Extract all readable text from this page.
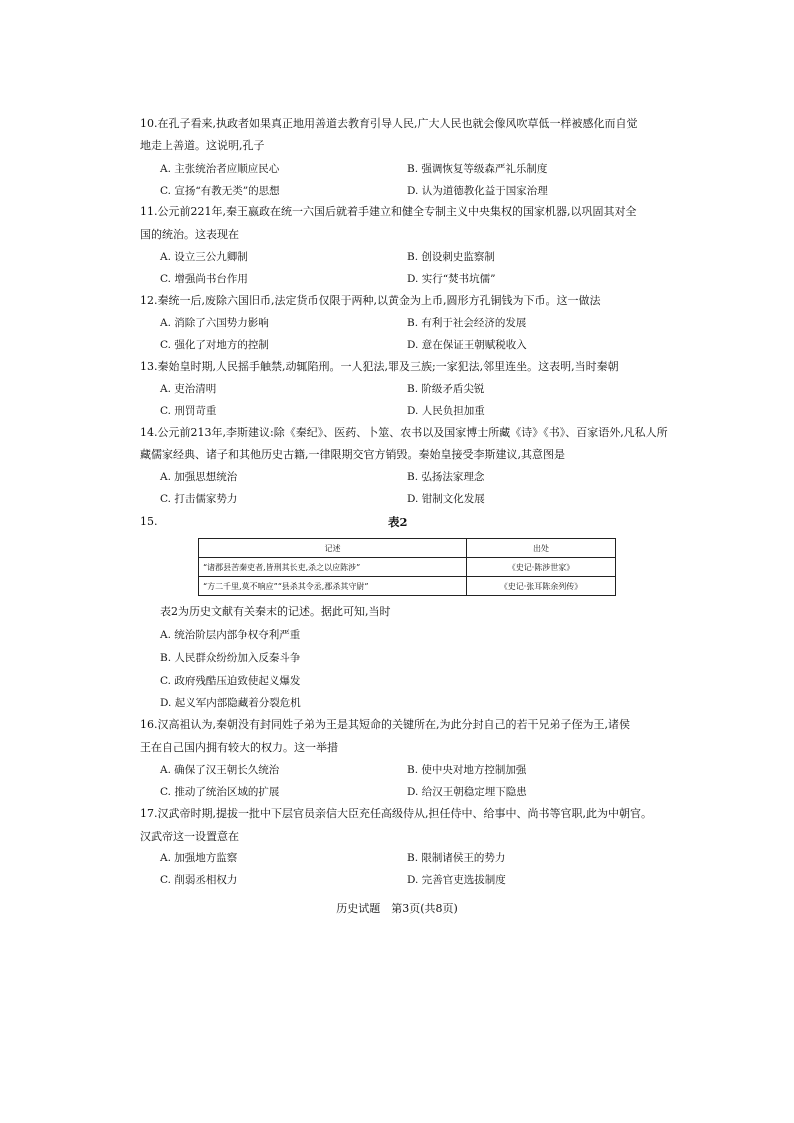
10.在孔子看来,执政者如果真正地用善道去教育引导人民,广大人民也就会像风吹草低一样被感化而自觉
地走上善道。这说明,孔子
A. 主张统治者应顺应民心	B. 强调恢复等级森严礼乐制度
C. 宣扬“有教无类”的思想	D. 认为道德教化益于国家治理
11.公元前221年,秦王嬴政在统一六国后就着手建立和健全专制主义中央集权的国家机器,以巩固其对全
国的统治。这表现在
A. 设立三公九卿制	B. 创设刺史监察制
C. 增强尚书台作用	D. 实行“焚书坑儒”
12.秦统一后,废除六国旧币,法定货币仅限于两种,以黄金为上币,圆形方孔铜钱为下币。这一做法
A. 消除了六国势力影响	B. 有利于社会经济的发展
C. 强化了对地方的控制	D. 意在保证王朝赋税收入
13.秦始皇时期,人民摇手触禁,动辄陷刑。一人犯法,罪及三族;一家犯法,邻里连坐。这表明,当时秦朝
A. 吏治清明	B. 阶级矛盾尖锐
C. 刑罚苛重	D. 人民负担加重
14.公元前213年,李斯建议:除《秦纪》、医药、卜筮、农书以及国家博士所藏《诗》《书》、百家语外,凡私人所
藏儒家经典、诸子和其他历史古籍,一律限期交官方销毁。秦始皇接受李斯建议,其意图是
A. 加强思想统治	B. 弘扬法家理念
C. 打击儒家势力	D. 钳制文化发展
15.	表2
记述	出处
“诸郡县苦秦吏者,皆刑其长吏,杀之以应陈涉”	《史记·陈涉世家》
“方二千里,莫不响应”“县杀其令丞,郡杀其守尉”	《史记·张耳陈余列传》
表2为历史文献有关秦末的记述。据此可知,当时
A. 统治阶层内部争权夺利严重
B. 人民群众纷纷加入反秦斗争
C. 政府残酷压迫致使起义爆发
D. 起义军内部隐藏着分裂危机
16.汉高祖认为,秦朝没有封同姓子弟为王是其短命的关键所在,为此分封自己的若干兄弟子侄为王,诸侯
王在自己国内拥有较大的权力。这一举措
A. 确保了汉王朝长久统治	B. 使中央对地方控制加强
C. 推动了统治区域的扩展	D. 给汉王朝稳定埋下隐患
17.汉武帝时期,提拔一批中下层官员亲信大臣充任高级侍从,担任侍中、给事中、尚书等官职,此为中朝官。
汉武帝这一设置意在
A. 加强地方监察	B. 限制诸侯王的势力
C. 削弱丞相权力	D. 完善官吏选拔制度
历史试题　第3页(共8页)
